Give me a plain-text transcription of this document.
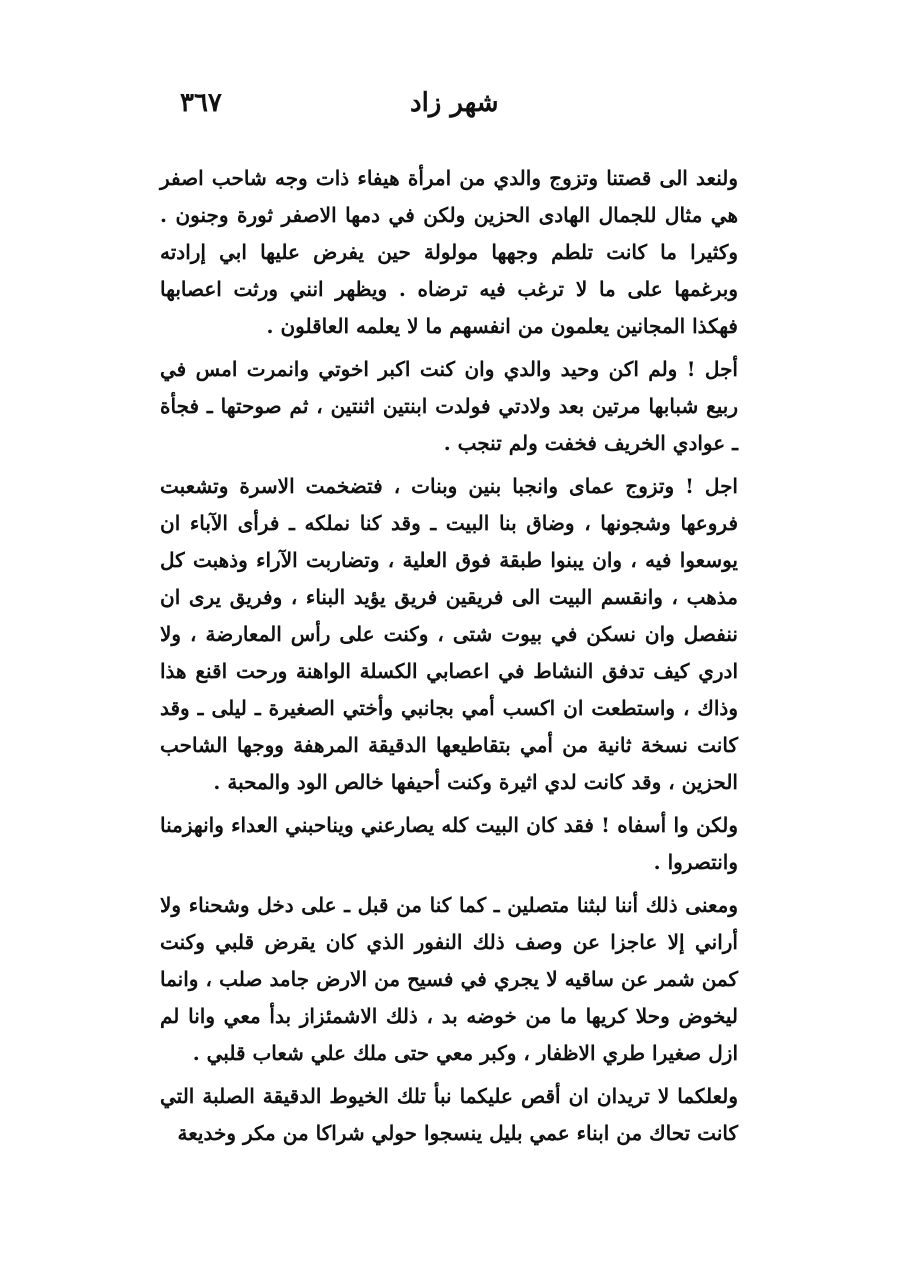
٣٦٧	شهر زاد

ولنعد الى قصتنا وتزوج والدي من امرأة هيفاء ذات وجه شاحب اصفر هي مثال للجمال الهادى الحزين ولكن في دمها الاصفر ثورة وجنون . وكثيرا ما كانت تلطم وجهها مولولة حين يفرض عليها ابي إرادته وبرغمها على ما لا ترغب فيه ترضاه . ويظهر انني ورثت اعصابها فهكذا المجانين يعلمون من انفسهم ما لا يعلمه العاقلون .

أجل ! ولم اكن وحيد والدي وان كنت اكبر اخوتي وانمرت امس في ربيع شبابها مرتين بعد ولادتي فولدت ابنتين اثنتين ، ثم صوحتها ـ فجأة ـ عوادي الخريف فخفت ولم تنجب .

اجل ! وتزوج عماى وانجبا بنين وبنات ، فتضخمت الاسرة وتشعبت فروعها وشجونها ، وضاق بنا البيت ـ وقد كنا نملكه ـ فرأى الآباء ان يوسعوا فيه ، وان يبنوا طبقة فوق العلية ، وتضاربت الآراء وذهبت كل مذهب ، وانقسم البيت الى فريقين فريق يؤيد البناء ، وفريق يرى ان ننفصل وان نسكن في بيوت شتى ، وكنت على رأس المعارضة ، ولا ادري كيف تدفق النشاط في اعصابي الكسلة الواهنة ورحت اقنع هذا وذاك ، واستطعت ان اكسب أمي بجانبي وأختي الصغيرة ـ ليلى ـ وقد كانت نسخة ثانية من أمي بتقاطيعها الدقيقة المرهفة ووجها الشاحب الحزين ، وقد كانت لدي اثيرة وكنت أحيفها خالص الود والمحبة .

ولكن وا أسفاه ! فقد كان البيت كله يصارعني ويناحبني العداء وانهزمنا وانتصروا .

ومعنى ذلك أننا لبثنا متصلين ـ كما كنا من قبل ـ على دخل وشحناء ولا أراني إلا عاجزا عن وصف ذلك النفور الذي كان يقرض قلبي وكنت كمن شمر عن ساقيه لا يجري في فسيح من الارض جامد صلب ، وانما ليخوض وحلا كريها ما من خوضه بد ، ذلك الاشمئزاز بدأ معي وانا لم ازل صغيرا طري الاظفار ، وكبر معي حتى ملك علي شعاب قلبي .

ولعلكما لا تريدان ان أقص عليكما نبأ تلك الخيوط الدقيقة الصلبة التي كانت تحاك من ابناء عمي بليل ينسجوا حولي شراكا من مكر وخديعة
